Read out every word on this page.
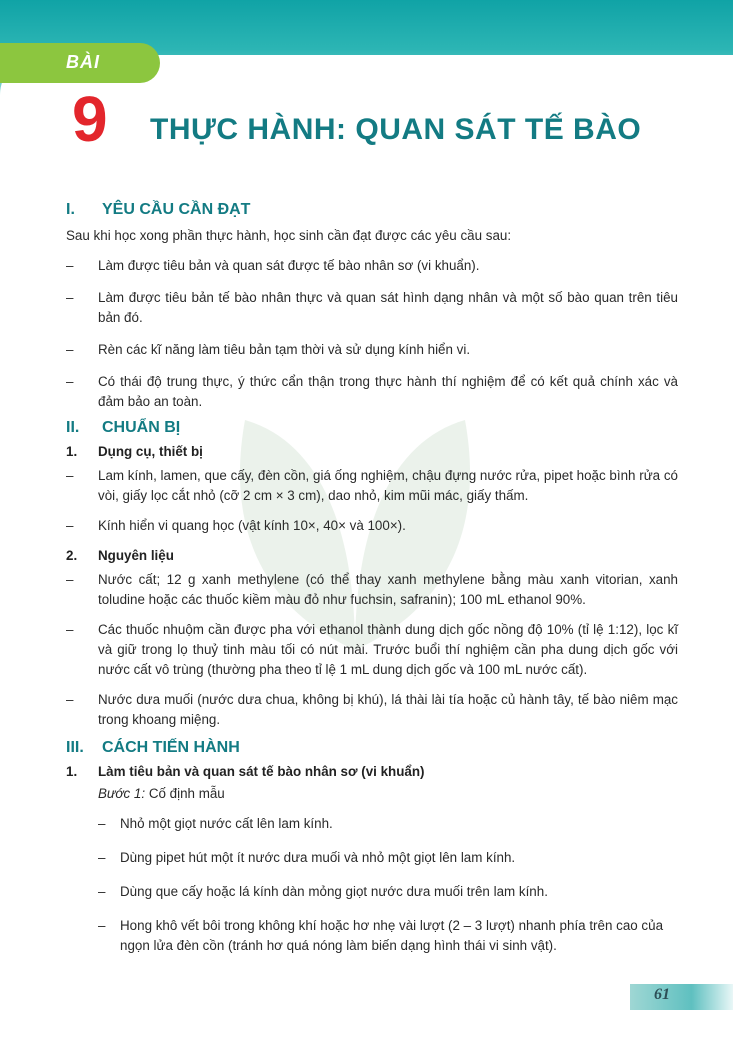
BÀI
9 THỰC HÀNH: QUAN SÁT TẾ BÀO
I.	YÊU CẦU CẦN ĐẠT

Sau khi học xong phần thực hành, học sinh cần đạt được các yêu cầu sau:

–	Làm được tiêu bản và quan sát được tế bào nhân sơ (vi khuẩn).
–	Làm được tiêu bản tế bào nhân thực và quan sát hình dạng nhân và một số bào quan trên tiêu bản đó.
–	Rèn các kĩ năng làm tiêu bản tạm thời và sử dụng kính hiển vi.
–	Có thái độ trung thực, ý thức cẩn thận trong thực hành thí nghiệm để có kết quả chính xác và đảm bảo an toàn.
II.	CHUẨN BỊ
1.	Dụng cụ, thiết bị
–	Lam kính, lamen, que cấy, đèn cồn, giá ống nghiệm, chậu đựng nước rửa, pipet hoặc bình rửa có vòi, giấy lọc cắt nhỏ (cỡ 2 cm × 3 cm), dao nhỏ, kim mũi mác, giấy thấm.
–	Kính hiển vi quang học (vật kính 10×, 40× và 100×).
2.	Nguyên liệu
–	Nước cất; 12 g xanh methylene (có thể thay xanh methylene bằng màu xanh vitorian, xanh toludine hoặc các thuốc kiềm màu đỏ như fuchsin, safranin); 100 mL ethanol 90%.
–	Các thuốc nhuộm cần được pha với ethanol thành dung dịch gốc nồng độ 10% (tỉ lệ 1:12), lọc kĩ và giữ trong lọ thuỷ tinh màu tối có nút mài. Trước buổi thí nghiệm cần pha dung dịch gốc với nước cất vô trùng (thường pha theo tỉ lệ 1 mL dung dịch gốc và 100 mL nước cất).
–	Nước dưa muối (nước dưa chua, không bị khú), lá thài lài tía hoặc củ hành tây, tế bào niêm mạc trong khoang miệng.
III. CÁCH TIẾN HÀNH
1.	Làm tiêu bản và quan sát tế bào nhân sơ (vi khuẩn)

Bước 1: Cố định mẫu

–	Nhỏ một giọt nước cất lên lam kính.
–	Dùng pipet hút một ít nước dưa muối và nhỏ một giọt lên lam kính.
–	Dùng que cấy hoặc lá kính dàn mỏng giọt nước dưa muối trên lam kính.
–	Hong khô vết bôi trong không khí hoặc hơ nhẹ vài lượt (2 – 3 lượt) nhanh phía trên cao của ngọn lửa đèn cồn (tránh hơ quá nóng làm biến dạng hình thái vi sinh vật).
61
